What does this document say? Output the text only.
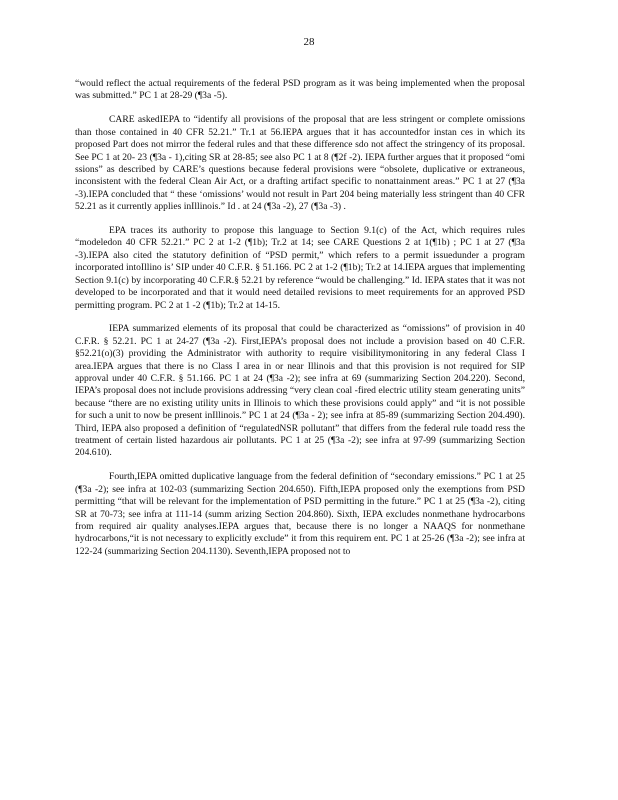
28

“would reflect the actual requirements of the federal PSD program as it was being implemented when the proposal was submitted.” PC 1 at 28-29 (¶3a -5).

CARE askedIEPA to “identify all provisions of the proposal that are less stringent or complete omissions than those contained in 40 CFR 52.21.” Tr.1 at 56.IEPA argues that it has accountedfor instan ces in which its proposed Part does not mirror the federal rules and that these difference sdo not affect the stringency of its proposal. See PC 1 at 20- 23 (¶3a - 1),citing SR at 28-85; see also PC 1 at 8 (¶2f -2). IEPA further argues that it proposed “omi ssions” as described by CARE’s questions because federal provisions were “obsolete, duplicative or extraneous, inconsistent with the federal Clean Air Act, or a drafting artifact specific to nonattainment areas.” PC 1 at 27 (¶3a -3).IEPA concluded that “ these ‘omissions’ would not result in Part 204 being materially less stringent than 40 CFR 52.21 as it currently applies inIllinois.” Id . at 24 (¶3a -2), 27 (¶3a -3) .

EPA traces its authority to propose this language to Section 9.1(c) of the Act, which requires rules “modeledon 40 CFR 52.21.” PC 2 at 1-2 (¶1b); Tr.2 at 14; see CARE Questions 2 at 1(¶1b) ; PC 1 at 27 (¶3a -3).IEPA also cited the statutory definition of “PSD permit,” which refers to a permit issuedunder a program incorporated intoIllino is’ SIP under 40 C.F.R. § 51.166. PC 2 at 1-2 (¶1b); Tr.2 at 14.IEPA argues that implementing Section 9.1(c) by incorporating 40 C.F.R.§ 52.21 by reference “would be challenging.” Id. IEPA states that it was not developed to be incorporated and that it would need detailed revisions to meet requirements for an approved PSD permitting program. PC 2 at 1 -2 (¶1b); Tr.2 at 14-15.

IEPA summarized elements of its proposal that could be characterized as “omissions” of provision in 40 C.F.R. § 52.21. PC 1 at 24-27 (¶3a -2). First,IEPA’s proposal does not include a provision based on 40 C.F.R. §52.21(o)(3) providing the Administrator with authority to require visibilitymonitoring in any federal Class I area.IEPA argues that there is no Class I area in or near Illinois and that this provision is not required for SIP approval under 40 C.F.R. § 51.166. PC 1 at 24 (¶3a -2); see infra at 69 (summarizing Section 204.220). Second, IEPA’s proposal does not include provisions addressing “very clean coal -fired electric utility steam generating units” because “there are no existing utility units in Illinois to which these provisions could apply” and “it is not possible for such a unit to now be present inIllinois.” PC 1 at 24 (¶3a - 2); see infra at 85-89 (summarizing Section 204.490). Third, IEPA also proposed a definition of “regulatedNSR pollutant” that differs from the federal rule toadd ress the treatment of certain listed hazardous air pollutants. PC 1 at 25 (¶3a -2); see infra at 97-99 (summarizing Section 204.610).

Fourth,IEPA omitted duplicative language from the federal definition of “secondary emissions.” PC 1 at 25 (¶3a -2); see infra at 102-03 (summarizing Section 204.650). Fifth,IEPA proposed only the exemptions from PSD permitting “that will be relevant for the implementation of PSD permitting in the future.” PC 1 at 25 (¶3a -2), citing SR at 70-73; see infra at 111-14 (summ arizing Section 204.860). Sixth, IEPA excludes nonmethane hydrocarbons from required air quality analyses.IEPA argues that, because there is no longer a NAAQS for nonmethane hydrocarbons,“it is not necessary to explicitly exclude” it from this requirem ent. PC 1 at 25-26 (¶3a -2); see infra at 122-24 (summarizing Section 204.1130). Seventh,IEPA proposed not to
